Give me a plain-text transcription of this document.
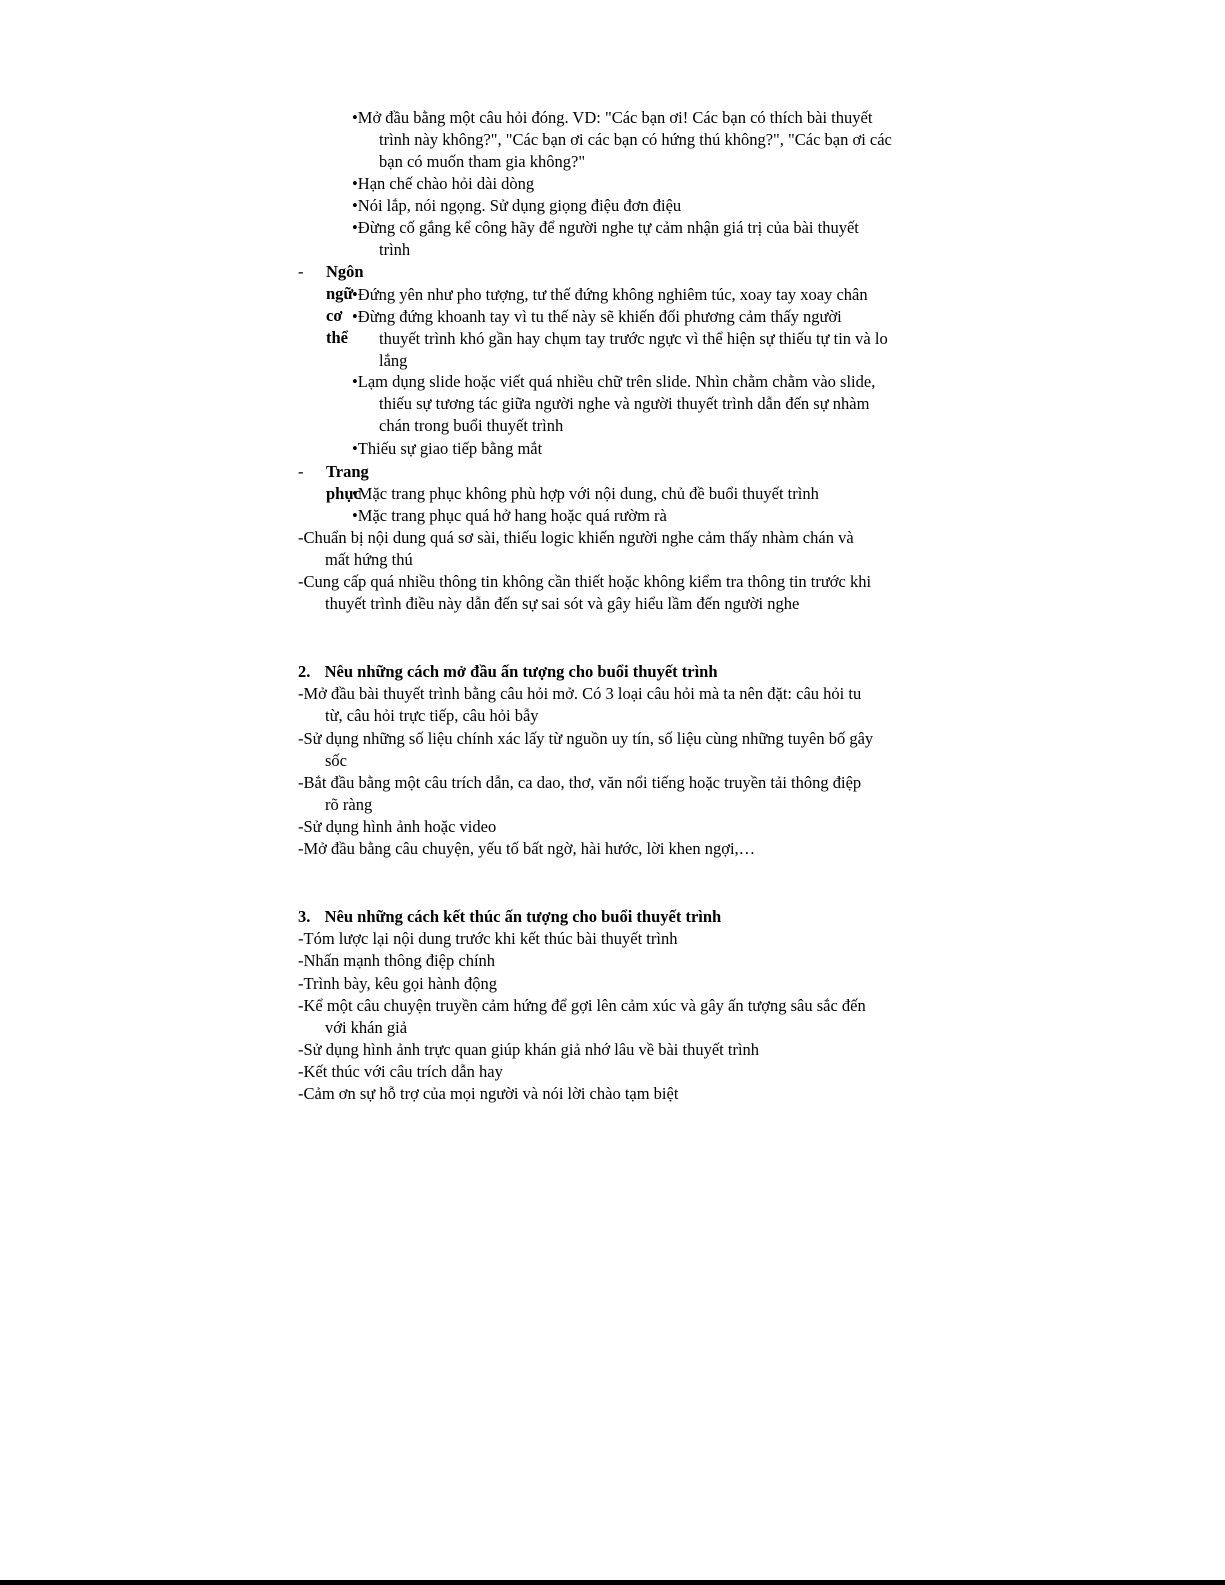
•Mở đầu bằng một câu hỏi đóng. VD: "Các bạn ơi! Các bạn có thích bài thuyết
trình này không?", "Các bạn ơi các bạn có hứng thú không?", "Các bạn ơi các
bạn có muốn tham gia không?"
•Hạn chế chào hỏi dài dòng
•Nói lắp, nói ngọng. Sử dụng giọng điệu đơn điệu
•Đừng cố gắng kể công hãy để người nghe tự cảm nhận giá trị của bài thuyết
trình
- Ngôn ngữ cơ thể
•Đứng yên như pho tượng, tư thế đứng không nghiêm túc, xoay tay xoay chân
•Đừng đứng khoanh tay vì tu thế này sẽ khiến đối phương cảm thấy người
thuyết trình khó gần hay chụm tay trước ngực vì thể hiện sự thiếu tự tin và lo
lắng
•Lạm dụng slide hoặc viết quá nhiều chữ trên slide. Nhìn chằm chằm vào slide,
thiếu sự tương tác giữa người nghe và người thuyết trình dẫn đến sự nhàm
chán trong buổi thuyết trình
•Thiếu sự giao tiếp bằng mắt
- Trang phục
•Mặc trang phục không phù hợp với nội dung, chủ đề buổi thuyết trình
•Mặc trang phục quá hở hang hoặc quá rườm rà
-Chuẩn bị nội dung quá sơ sài, thiếu logic khiến người nghe cảm thấy nhàm chán và
mất hứng thú
-Cung cấp quá nhiều thông tin không cần thiết hoặc không kiểm tra thông tin trước khi
thuyết trình điều này dẫn đến sự sai sót và gây hiểu lầm đến người nghe
2. Nêu những cách mở đầu ấn tượng cho buổi thuyết trình
-Mở đầu bài thuyết trình bằng câu hỏi mở. Có 3 loại câu hỏi mà ta nên đặt: câu hỏi tu
từ, câu hỏi trực tiếp, câu hỏi bẫy
-Sử dụng những số liệu chính xác lấy từ nguồn uy tín, số liệu cùng những tuyên bố gây
sốc
-Bắt đầu bằng một câu trích dẫn, ca dao, thơ, văn nổi tiếng hoặc truyền tải thông điệp
rõ ràng
-Sử dụng hình ảnh hoặc video
-Mở đầu bằng câu chuyện, yếu tố bất ngờ, hài hước, lời khen ngợi,…
3. Nêu những cách kết thúc ấn tượng cho buổi thuyết trình
-Tóm lược lại nội dung trước khi kết thúc bài thuyết trình
-Nhấn mạnh thông điệp chính
-Trình bày, kêu gọi hành động
-Kể một câu chuyện truyền cảm hứng để gợi lên cảm xúc và gây ấn tượng sâu sắc đến
với khán giả
-Sử dụng hình ảnh trực quan giúp khán giả nhớ lâu về bài thuyết trình
-Kết thúc với câu trích dẫn hay
-Cảm ơn sự hỗ trợ của mọi người và nói lời chào tạm biệt
